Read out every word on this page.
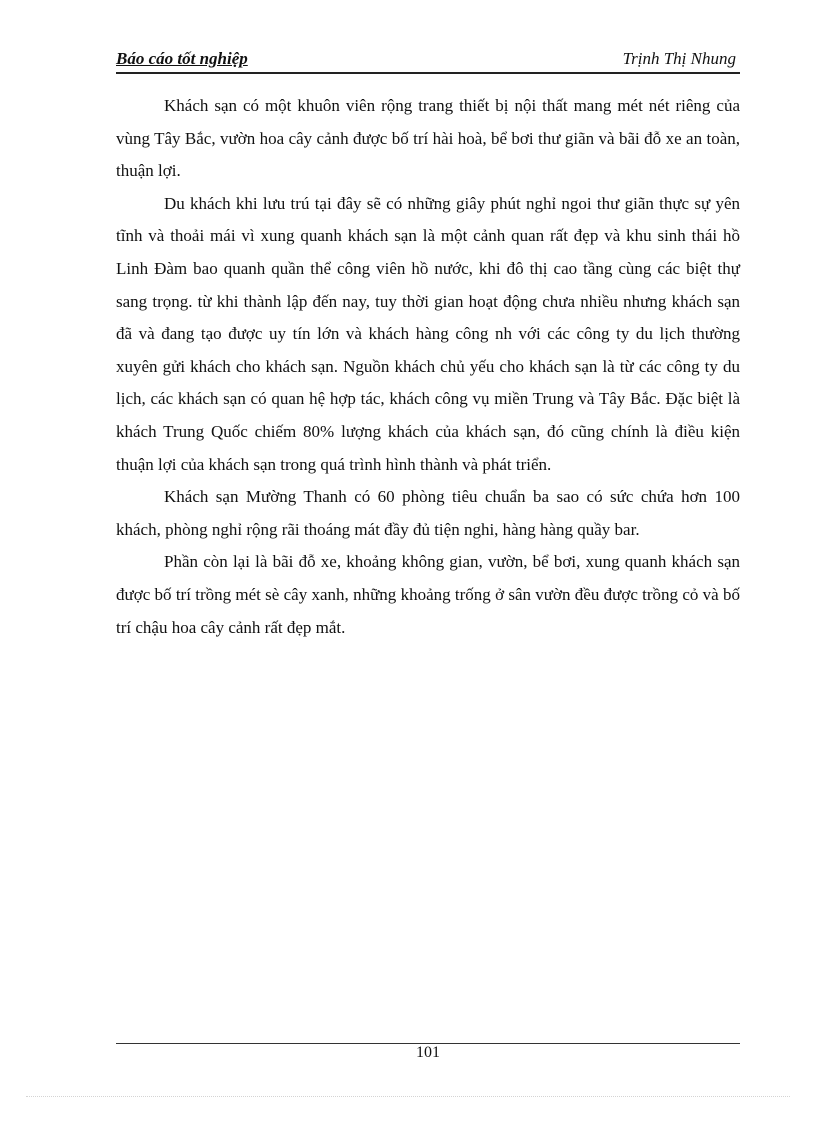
Báo cáo tốt nghiệp	Trịnh Thị Nhung

Khách sạn có một khuôn viên rộng trang thiết bị nội thất mang mét nét riêng của vùng Tây Bắc, vườn hoa cây cảnh được bố trí hài hoà, bể bơi thư giãn và bãi đỗ xe an toàn, thuận lợi.

Du khách khi lưu trú tại đây sẽ có những giây phút nghỉ ngoi thư giãn thực sự yên tĩnh và thoải mái vì xung quanh khách sạn là một cảnh quan rất đẹp và khu sinh thái hồ Linh Đàm bao quanh quần thể công viên hồ nước, khi đô thị cao tầng cùng các biệt thự sang trọng. từ khi thành lập đến nay, tuy thời gian hoạt động chưa nhiều nhưng khách sạn đã và đang tạo được uy tín lớn và khách hàng công nh với các công ty du lịch thường xuyên gửi khách cho khách sạn. Nguồn khách chủ yếu cho khách sạn là từ các công ty du lịch, các khách sạn có quan hệ hợp tác, khách công vụ miền Trung và Tây Bắc. Đặc biệt là khách Trung Quốc chiếm 80% lượng khách của khách sạn, đó cũng chính là điều kiện thuận lợi của khách sạn trong quá trình hình thành và phát triển.

Khách sạn Mường Thanh có 60 phòng tiêu chuẩn ba sao có sức chứa hơn 100 khách, phòng nghỉ rộng rãi thoáng mát đầy đủ tiện nghi, hàng hàng quầy bar.

Phần còn lại là bãi đỗ xe, khoảng không gian, vườn, bể bơi, xung quanh khách sạn được bố trí trồng mét sè cây xanh, những khoảng trống ở sân vườn đều được trồng cỏ và bố trí chậu hoa cây cảnh rất đẹp mắt.

101
